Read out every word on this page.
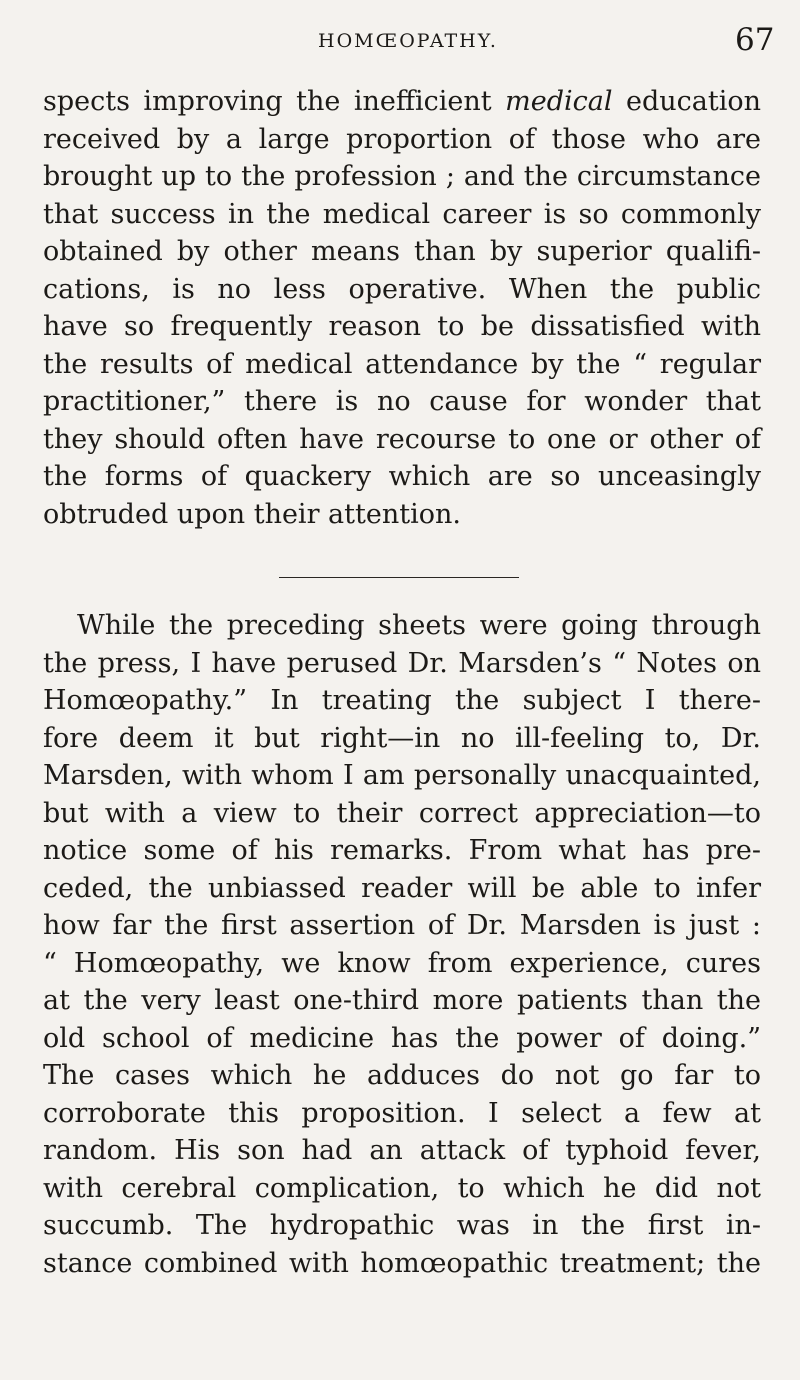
HOMŒOPATHY.	67
spects improving the inefficient medical education
received by a large proportion of those who are
brought up to the profession ; and the circumstance
that success in the medical career is so commonly
obtained by other means than by superior qualifi-
cations, is no less operative. When the public
have so frequently reason to be dissatisfied with
the results of medical attendance by the “ regular
practitioner,” there is no cause for wonder that
they should often have recourse to one or other of
the forms of quackery which are so unceasingly
obtruded upon their attention.
While the preceding sheets were going through
the press, I have perused Dr. Marsden’s “ Notes on
Homœopathy.” In treating the subject I there-
fore deem it but right—in no ill-feeling to, Dr.
Marsden, with whom I am personally unacquainted,
but with a view to their correct appreciation—to
notice some of his remarks. From what has pre-
ceded, the unbiassed reader will be able to infer
how far the first assertion of Dr. Marsden is just :
“ Homœopathy, we know from experience, cures
at the very least one-third more patients than the
old school of medicine has the power of doing.”
The cases which he adduces do not go far to
corroborate this proposition. I select a few at
random. His son had an attack of typhoid fever,
with cerebral complication, to which he did not
succumb. The hydropathic was in the first in-
stance combined with homœopathic treatment; the
